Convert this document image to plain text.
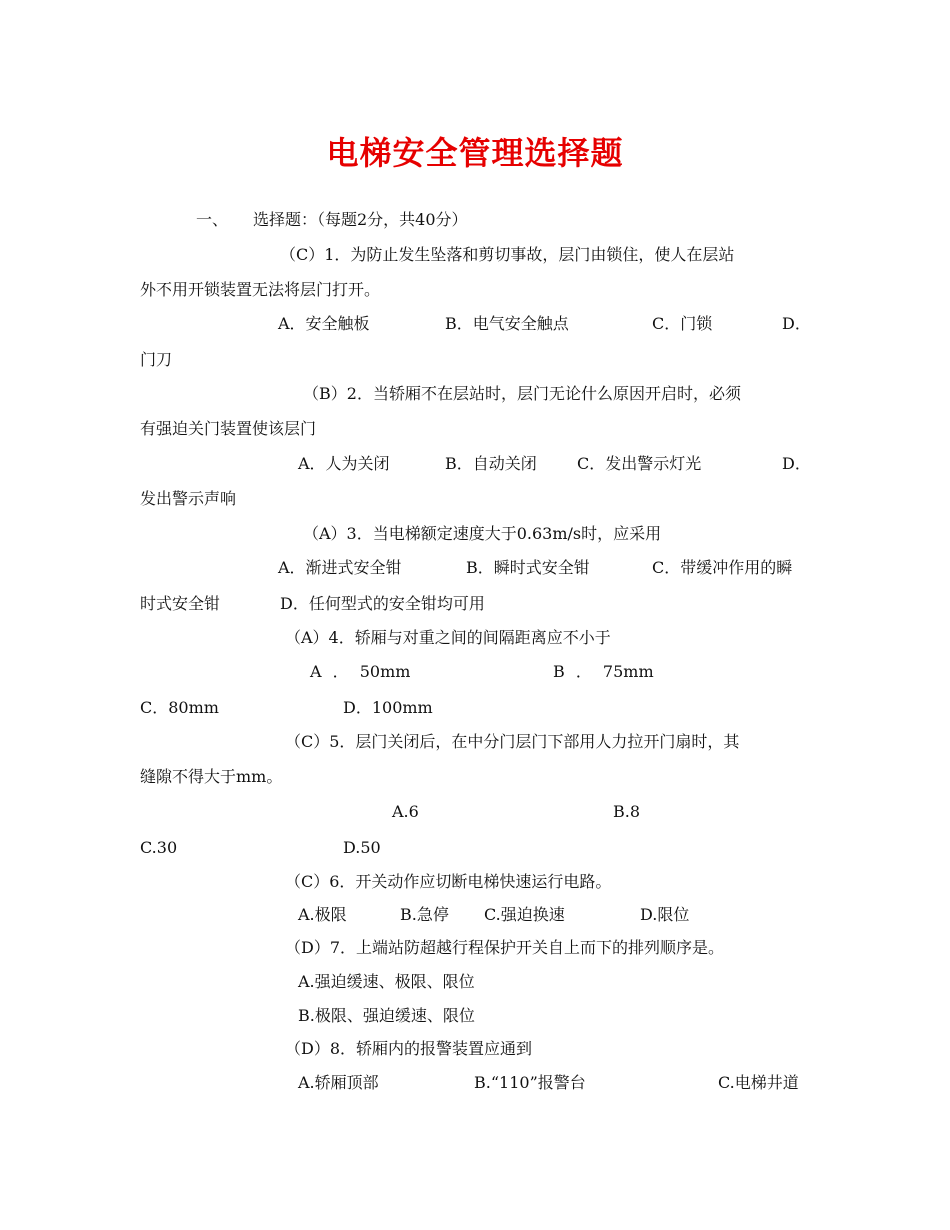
电梯安全管理选择题
一、 选择题：（每题2分，共40分）
（C）1．为防止发生坠落和剪切事故，层门由锁住，使人在层站
外不用开锁装置无法将层门打开。
A．安全触板	B．电气安全触点	C．门锁	D．
门刀
（B）2．当轿厢不在层站时，层门无论什么原因开启时，必须
有强迫关门装置使该层门
A．人为关闭	B．自动关闭	C．发出警示灯光	D．
发出警示声响
（A）3．当电梯额定速度大于0.63m/s时，应采用
A．渐进式安全钳	B．瞬时式安全钳	C．带缓冲作用的瞬
时式安全钳	D．任何型式的安全钳均可用
（A）4．轿厢与对重之间的间隔距离应不小于
A ． 50mm	B ． 75mm
C．80mm	D．100mm
（C）5．层门关闭后，在中分门层门下部用人力拉开门扇时，其
缝隙不得大于mm。
A.6	B.8
C.30	D.50
（C）6．开关动作应切断电梯快速运行电路。
A.极限	B.急停 C.强迫换速	D.限位
（D）7．上端站防超越行程保护开关自上而下的排列顺序是。
A.强迫缓速、极限、限位
B.极限、强迫缓速、限位
（D）8．轿厢内的报警装置应通到
A.轿厢顶部	B.“110”报警台	C.电梯井道
